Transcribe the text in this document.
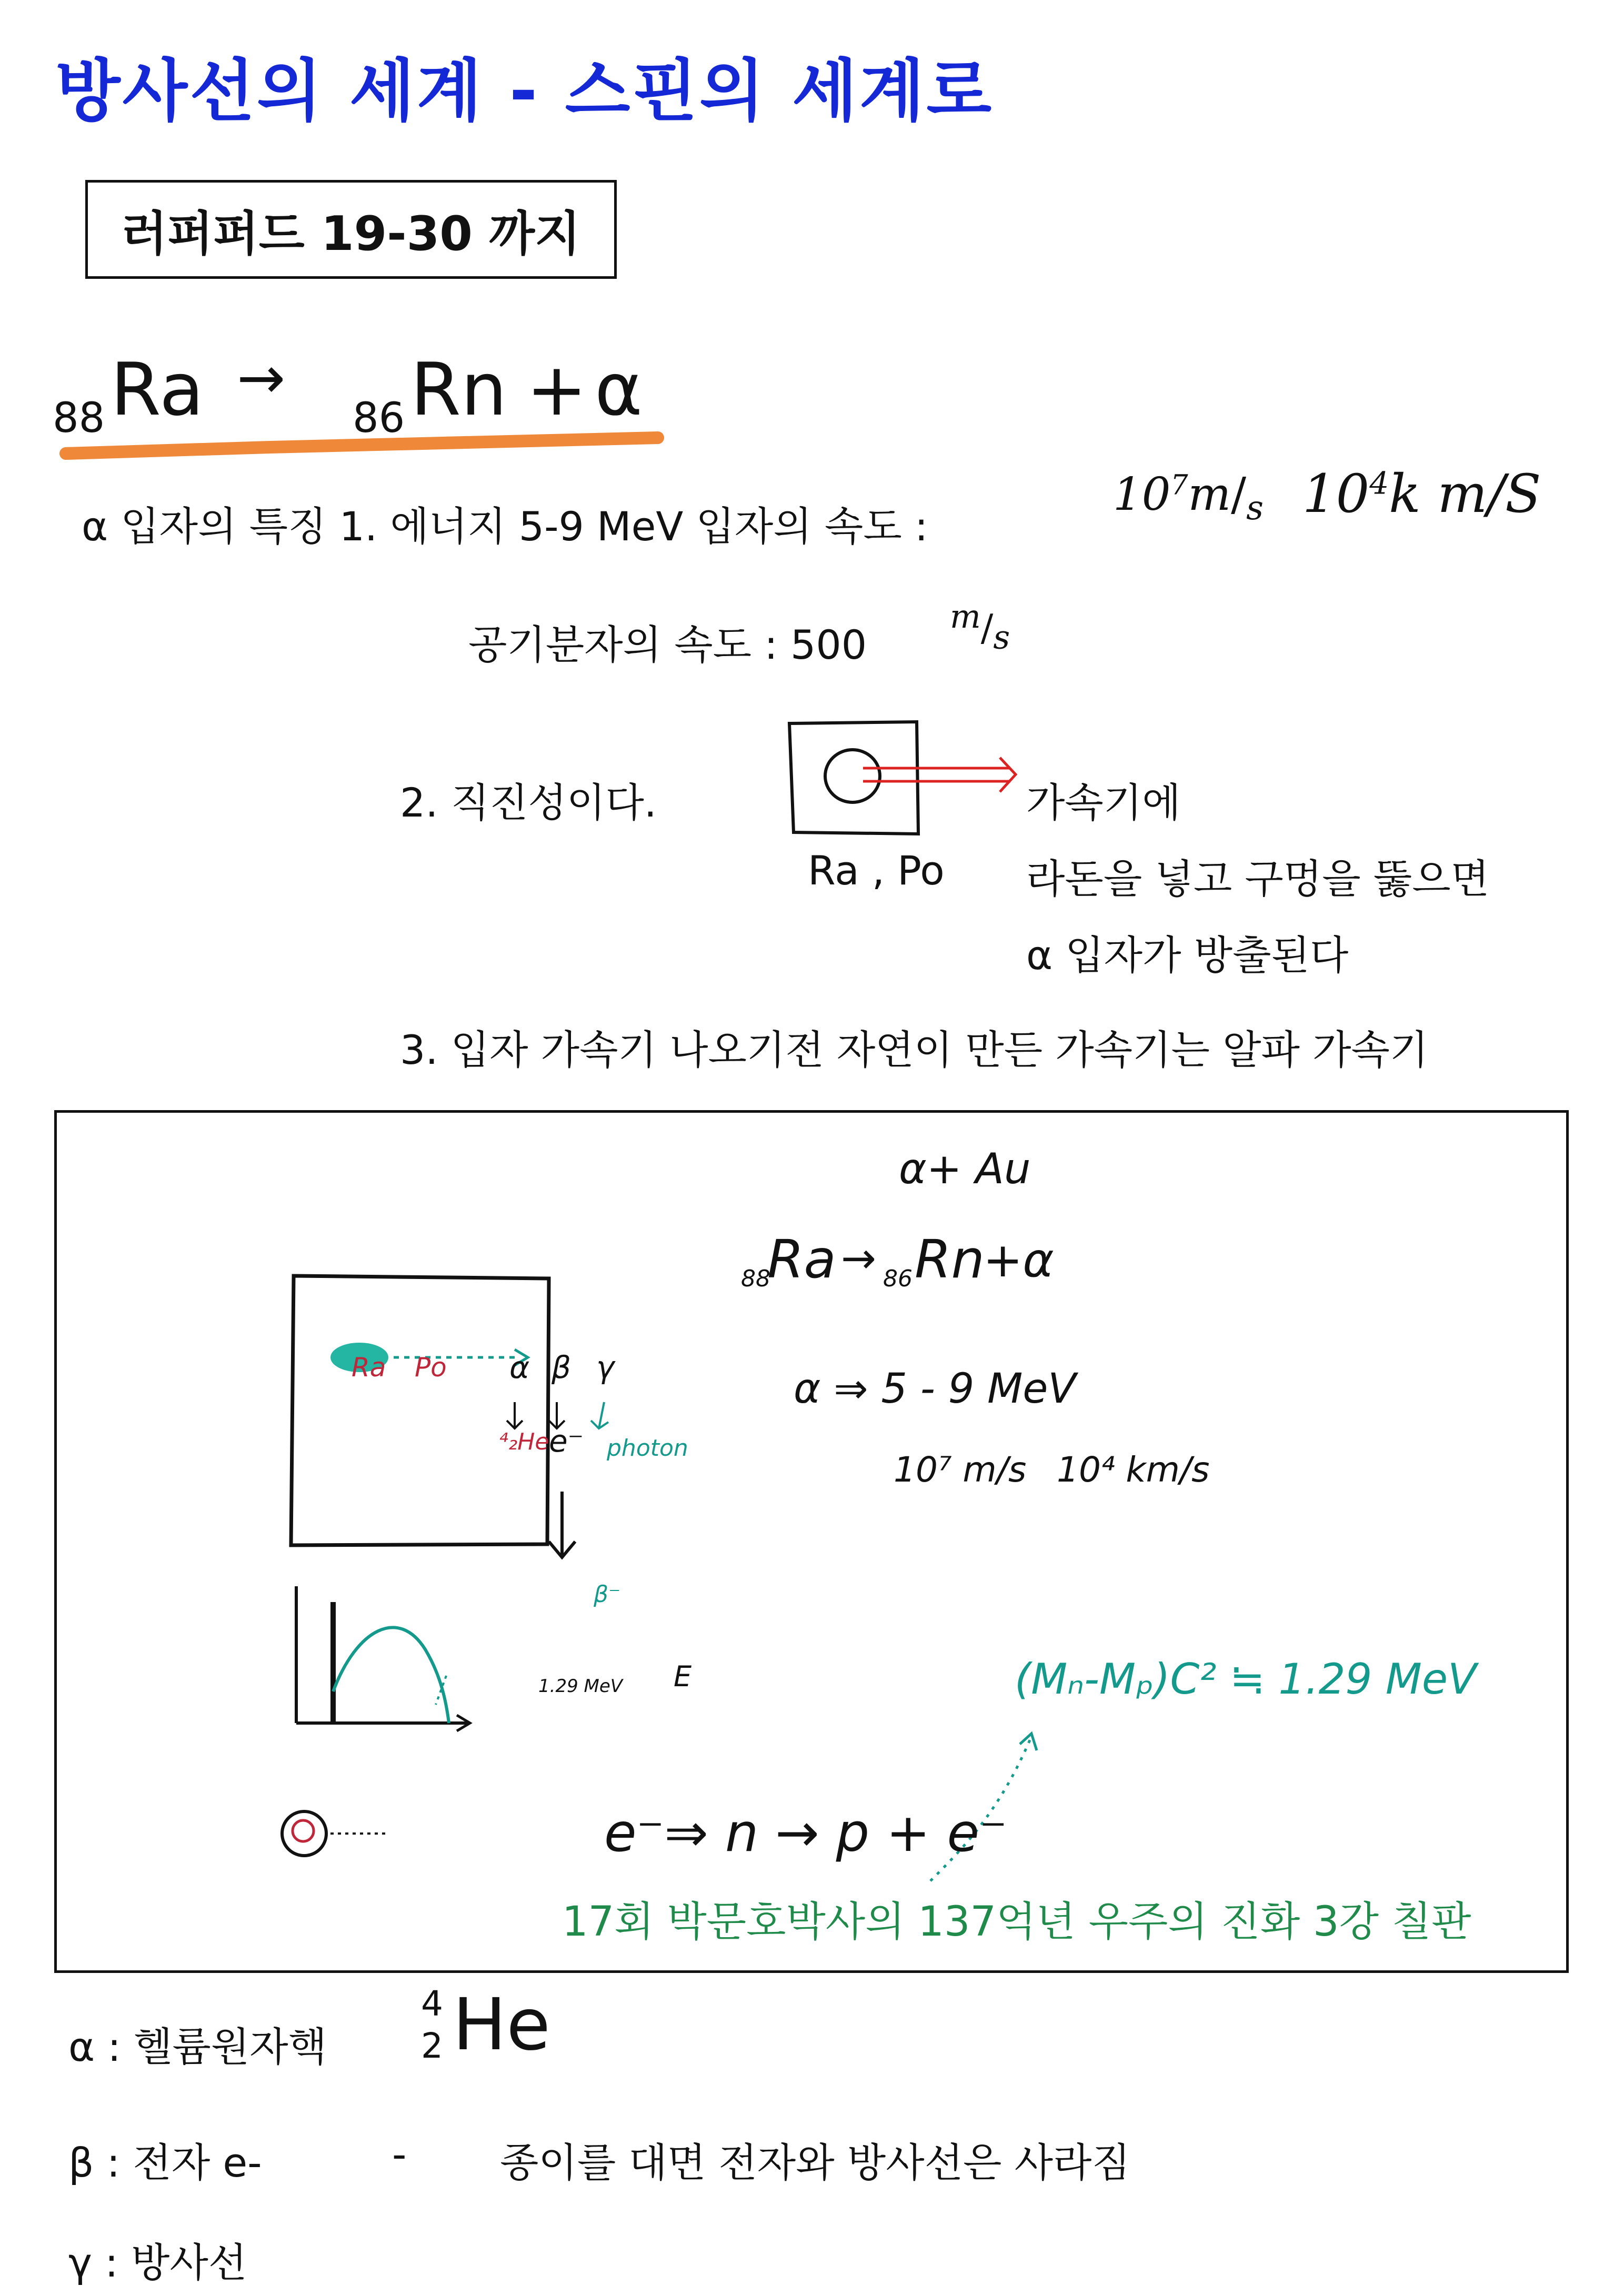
방사선의 세계 - 스핀의 세계로
러퍼퍼드 19-30 까지
88 Ra →
86 Rn + α
α 입자의 특징 1. 에너지 5-9 MeV 입자의 속도 :
$10^7m/_s$ $10^4k$ m/S
공기분자의 속도 : 500
$^m/_s$
2. 직진성이다.
Ra , Po
가속기에
라돈을 넣고 구멍을 뚫으면
α 입자가 방출된다
3. 입자 가속기 나오기전 자연이 만든 가속기는 알파 가속기
α+ Au
88
Ra → 86 Rn
+α
α ⇒ 5 - 9 MeV
10⁷ m/s 10⁴ km/s
Ra Po α β γ
⁴₂He e⁻ photon
E
1.29 MeV
β⁻
(Mₙ-Mₚ)C² ≒ 1.29 MeV
e⁻⇒ n → p + e⁻
17회 박문호박사의 137억년 우주의 진화 3강 칠판
α : 헬륨원자핵
4
2 He
β : 전자 e-	- 종이를 대면 전자와 방사선은 사라짐
γ : 방사선
